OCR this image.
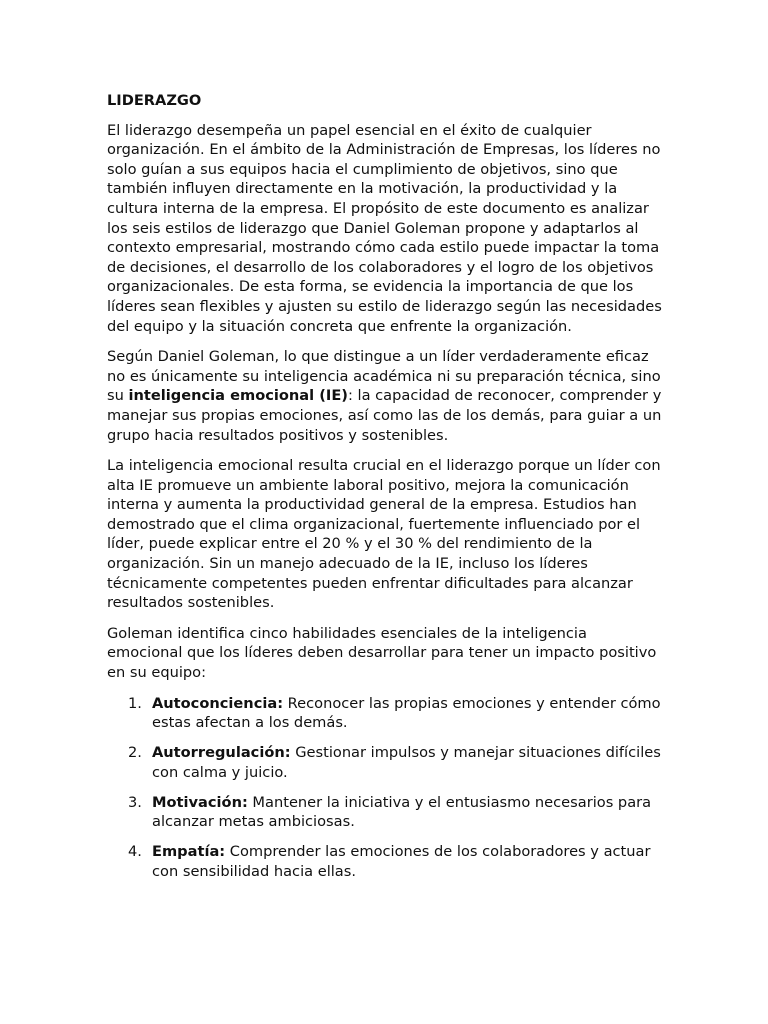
LIDERAZGO

El liderazgo desempeña un papel esencial en el éxito de cualquier organización. En el ámbito de la Administración de Empresas, los líderes no solo guían a sus equipos hacia el cumplimiento de objetivos, sino que también influyen directamente en la motivación, la productividad y la cultura interna de la empresa. El propósito de este documento es analizar los seis estilos de liderazgo que Daniel Goleman propone y adaptarlos al contexto empresarial, mostrando cómo cada estilo puede impactar la toma de decisiones, el desarrollo de los colaboradores y el logro de los objetivos organizacionales. De esta forma, se evidencia la importancia de que los líderes sean flexibles y ajusten su estilo de liderazgo según las necesidades del equipo y la situación concreta que enfrente la organización.

Según Daniel Goleman, lo que distingue a un líder verdaderamente eficaz no es únicamente su inteligencia académica ni su preparación técnica, sino su inteligencia emocional (IE): la capacidad de reconocer, comprender y manejar sus propias emociones, así como las de los demás, para guiar a un grupo hacia resultados positivos y sostenibles.

La inteligencia emocional resulta crucial en el liderazgo porque un líder con alta IE promueve un ambiente laboral positivo, mejora la comunicación interna y aumenta la productividad general de la empresa. Estudios han demostrado que el clima organizacional, fuertemente influenciado por el líder, puede explicar entre el 20 % y el 30 % del rendimiento de la organización. Sin un manejo adecuado de la IE, incluso los líderes técnicamente competentes pueden enfrentar dificultades para alcanzar resultados sostenibles.

Goleman identifica cinco habilidades esenciales de la inteligencia emocional que los líderes deben desarrollar para tener un impacto positivo en su equipo:

1. Autoconciencia: Reconocer las propias emociones y entender cómo estas afectan a los demás.
2. Autorregulación: Gestionar impulsos y manejar situaciones difíciles con calma y juicio.
3. Motivación: Mantener la iniciativa y el entusiasmo necesarios para alcanzar metas ambiciosas.
4. Empatía: Comprender las emociones de los colaboradores y actuar con sensibilidad hacia ellas.
